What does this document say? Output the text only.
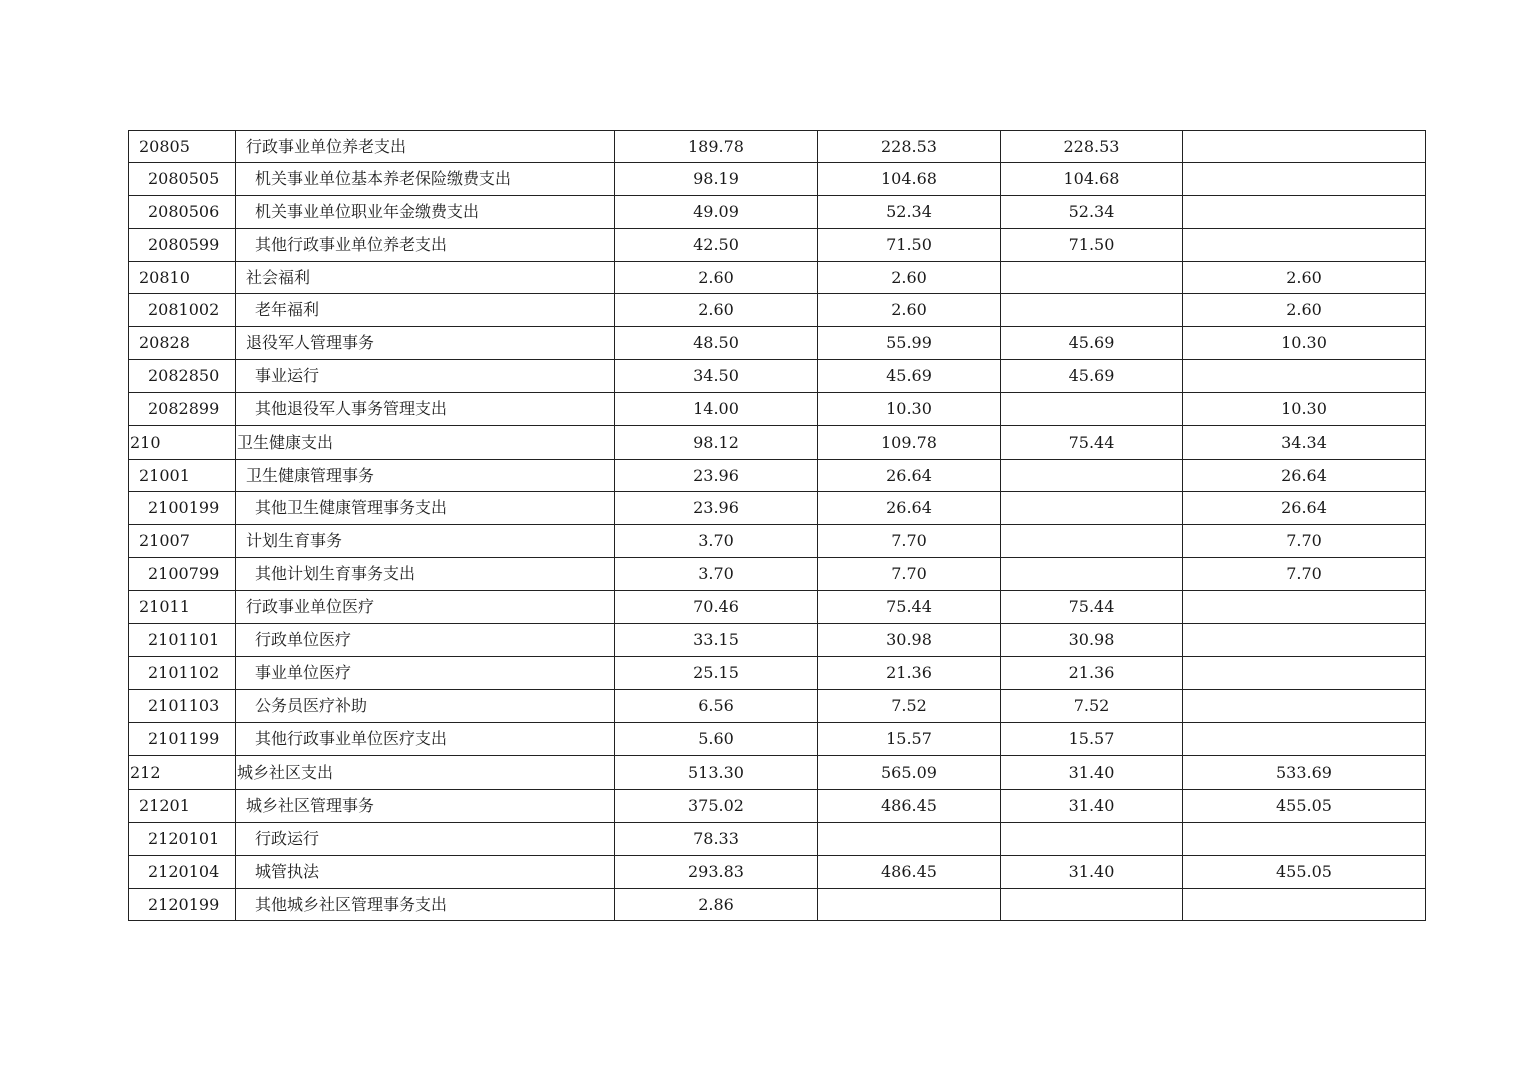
20805	行政事业单位养老支出	189.78	228.53	228.53	
2080505	机关事业单位基本养老保险缴费支出	98.19	104.68	104.68	
2080506	机关事业单位职业年金缴费支出	49.09	52.34	52.34	
2080599	其他行政事业单位养老支出	42.50	71.50	71.50	
20810	社会福利	2.60	2.60		2.60
2081002	老年福利	2.60	2.60		2.60
20828	退役军人管理事务	48.50	55.99	45.69	10.30
2082850	事业运行	34.50	45.69	45.69	
2082899	其他退役军人事务管理支出	14.00	10.30		10.30
210	卫生健康支出	98.12	109.78	75.44	34.34
21001	卫生健康管理事务	23.96	26.64		26.64
2100199	其他卫生健康管理事务支出	23.96	26.64		26.64
21007	计划生育事务	3.70	7.70		7.70
2100799	其他计划生育事务支出	3.70	7.70		7.70
21011	行政事业单位医疗	70.46	75.44	75.44	
2101101	行政单位医疗	33.15	30.98	30.98	
2101102	事业单位医疗	25.15	21.36	21.36	
2101103	公务员医疗补助	6.56	7.52	7.52	
2101199	其他行政事业单位医疗支出	5.60	15.57	15.57	
212	城乡社区支出	513.30	565.09	31.40	533.69
21201	城乡社区管理事务	375.02	486.45	31.40	455.05
2120101	行政运行	78.33			
2120104	城管执法	293.83	486.45	31.40	455.05
2120199	其他城乡社区管理事务支出	2.86			
